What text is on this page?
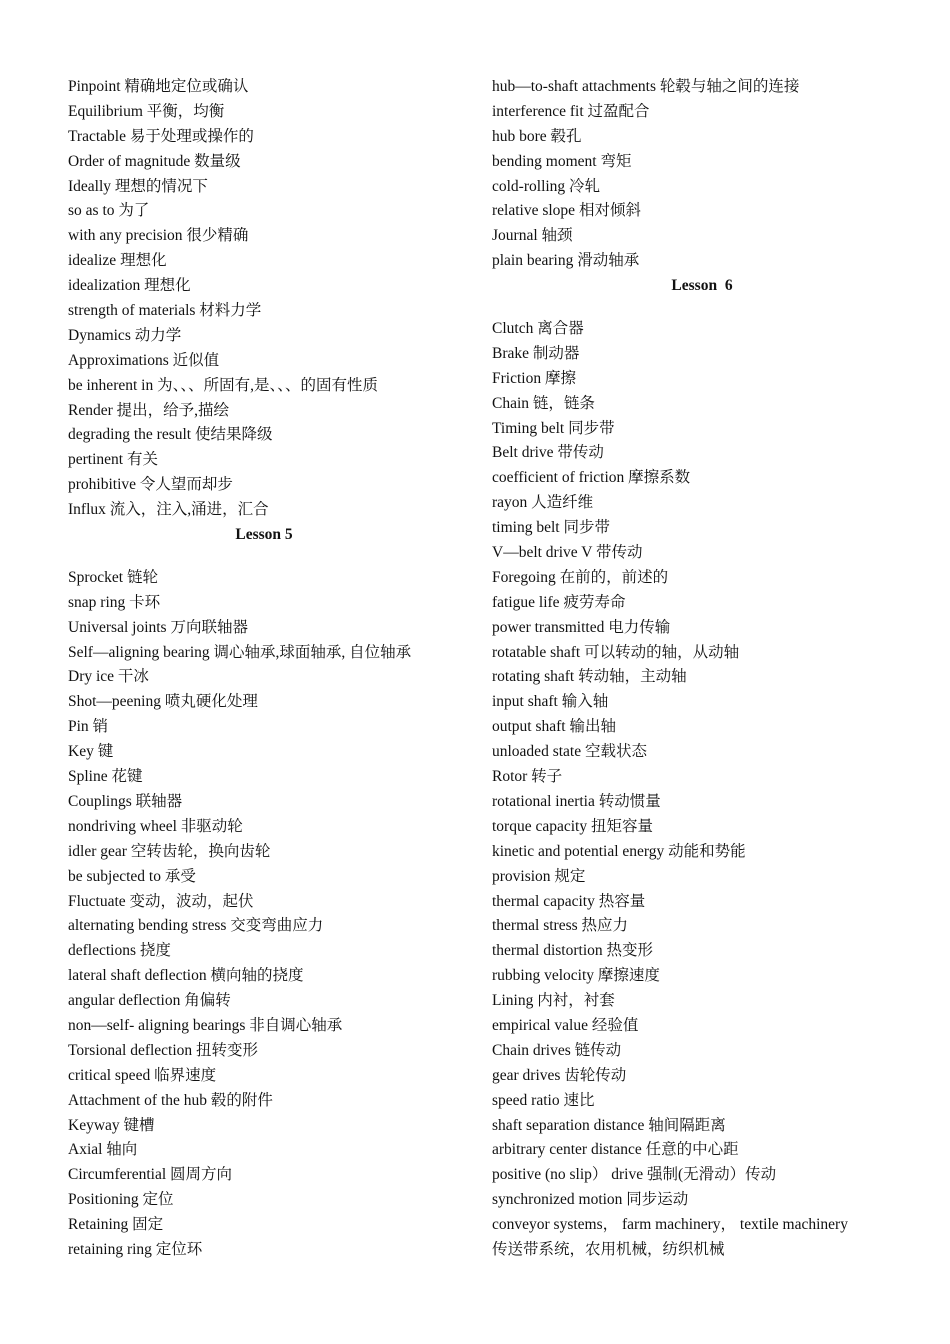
Pinpoint 精确地定位或确认
Equilibrium 平衡，均衡
Tractable 易于处理或操作的
Order of magnitude 数量级
Ideally 理想的情况下
so as to 为了
with any precision 很少精确
idealize 理想化
idealization 理想化
strength of materials 材料力学
Dynamics 动力学
Approximations 近似值
be inherent in 为、、、所固有,是、、、的固有性质
Render 提出，给予,描绘
degrading the result 使结果降级
pertinent 有关
prohibitive 令人望而却步
Influx 流入，注入,涌进，汇合
Lesson 5
Sprocket 链轮
snap ring 卡环
Universal joints 万向联轴器
Self—aligning bearing 调心轴承,球面轴承, 自位轴承
Dry ice 干冰
Shot—peening 喷丸硬化处理
Pin 销
Key 键
Spline 花键
Couplings 联轴器
nondriving wheel 非驱动轮
idler gear 空转齿轮，换向齿轮
be subjected to 承受
Fluctuate 变动，波动，起伏
alternating bending stress 交变弯曲应力
deflections 挠度
lateral shaft deflection 横向轴的挠度
angular deflection 角偏转
non—self- aligning bearings 非自调心轴承
Torsional deflection 扭转变形
critical speed 临界速度
Attachment of the hub 毂的附件
Keyway 键槽
Axial 轴向
Circumferential 圆周方向
Positioning 定位
Retaining 固定
retaining ring 定位环
hub—to-shaft attachments 轮毂与轴之间的连接
interference fit 过盈配合
hub bore 毂孔
bending moment 弯矩
cold-rolling 冷轧
relative slope 相对倾斜
Journal 轴颈
plain bearing 滑动轴承
Lesson  6
Clutch 离合器
Brake 制动器
Friction 摩擦
Chain 链，链条
Timing belt 同步带
Belt drive 带传动
coefficient of friction 摩擦系数
rayon 人造纤维
timing belt 同步带
V—belt drive V 带传动
Foregoing 在前的，前述的
fatigue life 疲劳寿命
power transmitted 电力传输
rotatable shaft 可以转动的轴，从动轴
rotating shaft 转动轴，主动轴
input shaft 输入轴
output shaft 输出轴
unloaded state 空载状态
Rotor 转子
rotational inertia 转动惯量
torque capacity 扭矩容量
kinetic and potential energy 动能和势能
provision 规定
thermal capacity 热容量
thermal stress 热应力
thermal distortion 热变形
rubbing velocity 摩擦速度
Lining 内衬，衬套
empirical value 经验值
Chain drives 链传动
gear drives 齿轮传动
speed ratio 速比
shaft separation distance 轴间隔距离
arbitrary center distance 任意的中心距
positive (no slip） drive 强制(无滑动）传动
synchronized motion 同步运动
conveyor systems， farm machinery， textile machinery
传送带系统，农用机械，纺织机械
